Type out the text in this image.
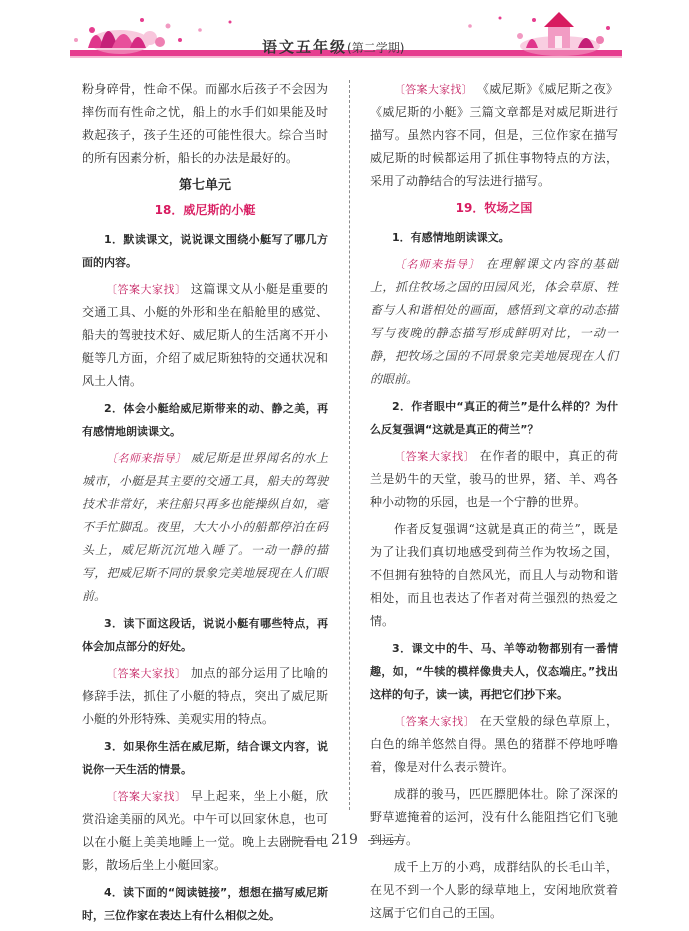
语文五年级(第二学期)

粉身碎骨，性命不保。而鄙水后孩子不会因为摔伤而有性命之忧，船上的水手们如果能及时救起孩子，孩子生还的可能性很大。综合当时的所有因素分析，船长的办法是最好的。

第七单元
18．威尼斯的小艇

1．默读课文，说说课文围绕小艇写了哪几方面的内容。

〔 答案大家找 〕 这篇课文从小艇是重要的交通工具、小艇的外形和坐在船舱里的感觉、船夫的驾驶技术好、威尼斯人的生活离不开小艇等几方面，介绍了威尼斯独特的交通状况和风土人情。

2．体会小艇给威尼斯带来的动、静之美，再有感情地朗读课文。

〔 名师来指导 〕 威尼斯是世界闻名的水上城市，小艇是其主要的交通工具，船夫的驾驶技术非常好，来往船只再多也能操纵自如，毫不手忙脚乱。夜里，大大小小的船都停泊在码头上，威尼斯沉沉地入睡了。一动一静的描写，把威尼斯不同的景象完美地展现在人们眼前。

3．读下面这段话，说说小艇有哪些特点，再体会加点部分的好处。

〔 答案大家找 〕 加点的部分运用了比喻的修辞手法，抓住了小艇的特点，突出了威尼斯小艇的外形特殊、美观实用的特点。

3．如果你生活在威尼斯，结合课文内容，说说你一天生活的情景。

〔 答案大家找 〕 早上起来，坐上小艇，欣赏沿途美丽的风光。中午可以回家休息，也可以在小艇上美美地睡上一觉。晚上去剧院看电影，散场后坐上小艇回家。

4．读下面的“阅读链接”，想想在描写威尼斯时，三位作家在表达上有什么相似之处。

〔 答案大家找 〕 《威尼斯》《威尼斯之夜》《威尼斯的小艇》三篇文章都是对威尼斯进行描写。虽然内容不同，但是，三位作家在描写威尼斯的时候都运用了抓住事物特点的方法，采用了动静结合的写法进行描写。

19．牧场之国

1．有感情地朗读课文。

〔 名师来指导 〕 在理解课文内容的基础上，抓住牧场之国的田园风光，体会草原、牲畜与人和谐相处的画面，感悟到文章的动态描写与夜晚的静态描写形成鲜明对比，一动一静，把牧场之国的不同景象完美地展现在人们的眼前。

2．作者眼中“真正的荷兰”是什么样的？为什么反复强调“这就是真正的荷兰”？

〔 答案大家找 〕 在作者的眼中，真正的荷兰是奶牛的天堂，骏马的世界，猪、羊、鸡各种小动物的乐园，也是一个宁静的世界。

作者反复强调“这就是真正的荷兰”，既是为了让我们真切地感受到荷兰作为牧场之国，不但拥有独特的自然风光，而且人与动物和谐相处，而且也表达了作者对荷兰强烈的热爱之情。

3．课文中的牛、马、羊等动物都别有一番情趣，如，“牛犊的模样像贵夫人，仪态端庄。”找出这样的句子，读一读，再把它们抄下来。

〔 答案大家找 〕 在天堂般的绿色草原上，白色的绵羊悠然自得。黑色的猪群不停地呼噜着，像是对什么表示赞许。

成群的骏马，匹匹膘肥体壮。除了深深的野草遮掩着的运河，没有什么能阻挡它们飞驰到远方。

成千上万的小鸡，成群结队的长毛山羊，在见不到一个人影的绿草地上，安闲地欣赏着这属于它们自己的王国。

219
